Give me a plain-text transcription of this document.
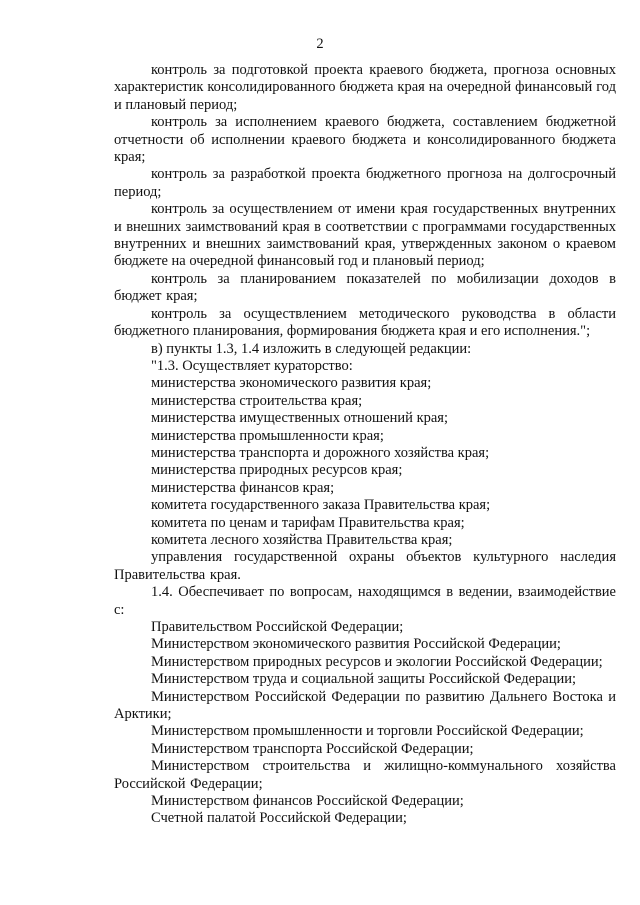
2

контроль за подготовкой проекта краевого бюджета, прогноза основных характеристик консолидированного бюджета края на очередной финансовый год и плановый период;

контроль за исполнением краевого бюджета, составлением бюджетной отчетности об исполнении краевого бюджета и консолидированного бюджета края;

контроль за разработкой проекта бюджетного прогноза на долгосрочный период;

контроль за осуществлением от имени края государственных внутренних и внешних заимствований края в соответствии с программами государственных внутренних и внешних заимствований края, утвержденных законом о краевом бюджете на очередной финансовый год и плановый период;

контроль за планированием показателей по мобилизации доходов в бюджет края;

контроль за осуществлением методического руководства в области бюджетного планирования, формирования бюджета края и его исполнения.";

в) пункты 1.3, 1.4 изложить в следующей редакции:

"1.3. Осуществляет кураторство:

министерства экономического развития края;

министерства строительства края;

министерства имущественных отношений края;

министерства промышленности края;

министерства транспорта и дорожного хозяйства края;

министерства природных ресурсов края;

министерства финансов края;

комитета государственного заказа Правительства края;

комитета по ценам и тарифам Правительства края;

комитета лесного хозяйства Правительства края;

управления государственной охраны объектов культурного наследия Правительства края.

1.4. Обеспечивает по вопросам, находящимся в ведении, взаимодействие с:

Правительством Российской Федерации;

Министерством экономического развития Российской Федерации;

Министерством природных ресурсов и экологии Российской Федерации;

Министерством труда и социальной защиты Российской Федерации;

Министерством Российской Федерации по развитию Дальнего Востока и Арктики;

Министерством промышленности и торговли Российской Федерации;

Министерством транспорта Российской Федерации;

Министерством строительства и жилищно-коммунального хозяйства Российской Федерации;

Министерством финансов Российской Федерации;

Счетной палатой Российской Федерации;
